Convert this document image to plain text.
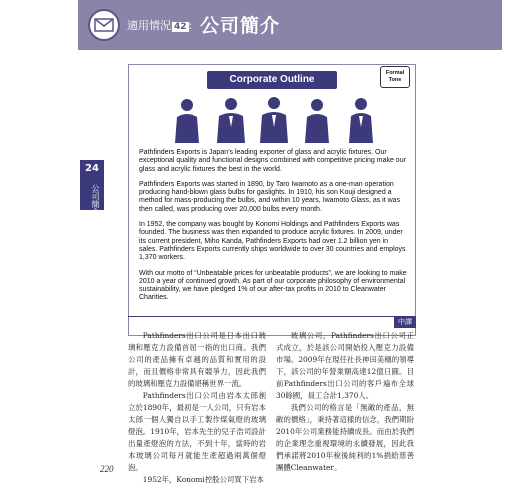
適用情況 42 : 公司簡介
24
公司簡介
Corporate Outline

Pathfinders Exports is Japan’s leading exporter of glass and acrylic fixtures. Our exceptional quality and functional designs combined with competitive pricing make our glass and acrylic fixtures the best in the world.

Pathfinders Exports was started in 1890, by Taro Iwamoto as a one-man operation producing hand-blown glass bulbs for gaslights. In 1910, his son Kouji designed a method for mass-producing the bulbs, and within 10 years, Iwamoto Glass, as it was then called, was producing over 20,000 bulbs every month.

In 1952, the company was bought by Konomi Holdings and Pathfinders Exports was founded. The business was then expanded to produce acrylic fixtures. In 2009, under its current president, Miho Kanda, Pathfinders Exports had over 1.2 billion yen in sales. Pathfinders Exports currently ships worldwide to over 30 countries and employs 1,370 workers.

With our motto of “Unbeatable prices for unbeatable products”, we are looking to make 2010 a year of continued growth. As part of our corporate philosophy of environmental sustainability, we have pledged 1% of our after-tax profits in 2010 to Cleanwater Charities.

Formal Tone
中譯

Pathfinders出口公司是日本出口玻璃和壓克力設備首屈一指的出口商。我們公司的產品擁有卓越的品質和實用的設計，而且價格非常具有競爭力，因此我們的玻璃和壓克力設備堪稱世界一流。

Pathfinders出口公司由岩本太郎創立於1890年，最初是一人公司，只有岩本太郎一個人獨自以手工製作煤氣燈的玻璃燈泡。1910年，岩本先生的兒子浩司設計出量產燈泡的方法，不到十年，當時的岩本玻璃公司每月就能生產超過兩萬個燈泡。

1952年，Konomi控股公司買下岩本

玻璃公司，Pathfinders出口公司正式成立，於是該公司開始投入壓克力設備市場。2009年在現任社長神田美穗的領導下，該公司的年營業額高達12億日圓。目前Pathfinders出口公司的客戶遍布全球30餘國，員工合計1,370人。

我們公司的格言是「無敵的產品，無敵的價格」，秉持著這樣的信念，我們期盼2010年公司業務能持續成長。而由於我們的企業理念重視環境的永續發展，因此我們承諾將2010年稅後純利的1%捐給慈善團體Cleanwater。

220
